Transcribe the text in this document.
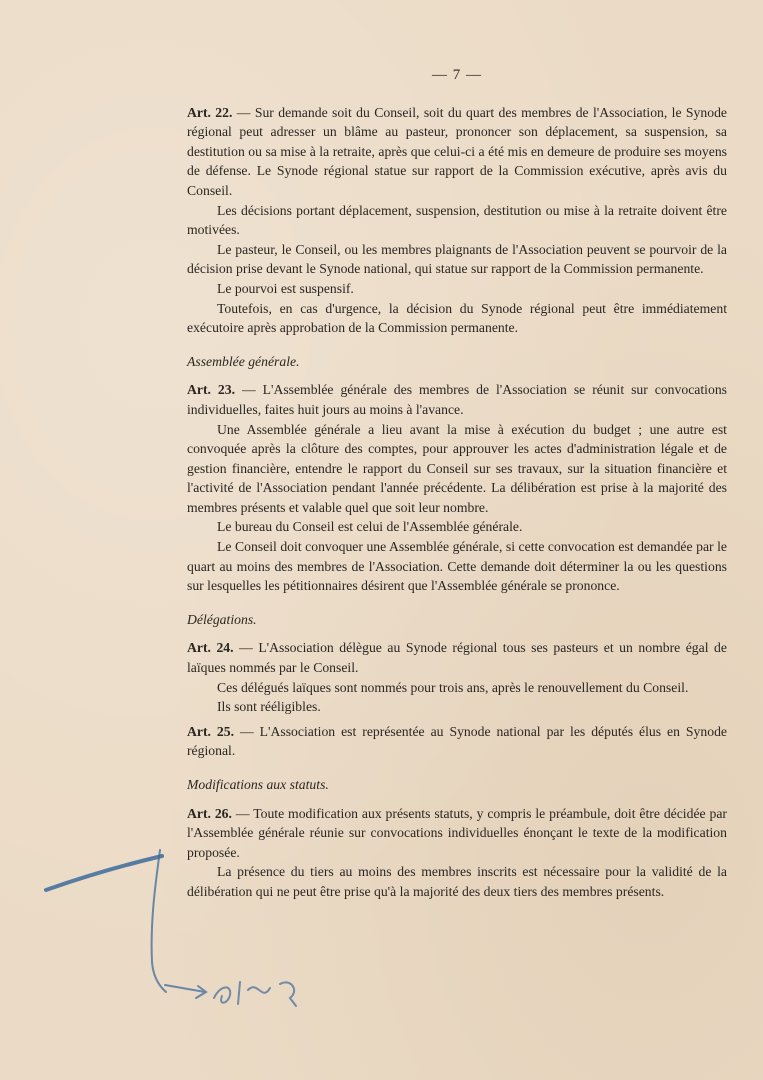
— 7 —

Art. 22. — Sur demande soit du Conseil, soit du quart des membres de l'Association, le Synode régional peut adresser un blâme au pasteur, prononcer son déplacement, sa suspension, sa destitution ou sa mise à la retraite, après que celui-ci a été mis en demeure de produire ses moyens de défense. Le Synode régional statue sur rapport de la Commission exécutive, après avis du Conseil.

Les décisions portant déplacement, suspension, destitution ou mise à la retraite doivent être motivées.

Le pasteur, le Conseil, ou les membres plaignants de l'Association peuvent se pourvoir de la décision prise devant le Synode national, qui statue sur rapport de la Commission permanente.

Le pourvoi est suspensif.

Toutefois, en cas d'urgence, la décision du Synode régional peut être immédiatement exécutoire après approbation de la Commission permanente.

Assemblée générale.

Art. 23. — L'Assemblée générale des membres de l'Association se réunit sur convocations individuelles, faites huit jours au moins à l'avance.

Une Assemblée générale a lieu avant la mise à exécution du budget ; une autre est convoquée après la clôture des comptes, pour approuver les actes d'administration légale et de gestion financière, entendre le rapport du Conseil sur ses travaux, sur la situation financière et l'activité de l'Association pendant l'année précédente. La délibération est prise à la majorité des membres présents et valable quel que soit leur nombre.

Le bureau du Conseil est celui de l'Assemblée générale.

Le Conseil doit convoquer une Assemblée générale, si cette convocation est demandée par le quart au moins des membres de l'Association. Cette demande doit déterminer la ou les questions sur lesquelles les pétitionnaires désirent que l'Assemblée générale se prononce.

Délégations.

Art. 24. — L'Association délègue au Synode régional tous ses pasteurs et un nombre égal de laïques nommés par le Conseil.

Ces délégués laïques sont nommés pour trois ans, après le renouvellement du Conseil.

Ils sont rééligibles.

Art. 25. — L'Association est représentée au Synode national par les députés élus en Synode régional.

Modifications aux statuts.

Art. 26. — Toute modification aux présents statuts, y compris le préambule, doit être décidée par l'Assemblée générale réunie sur convocations individuelles énonçant le texte de la modification proposée.

La présence du tiers au moins des membres inscrits est nécessaire pour la validité de la délibération qui ne peut être prise qu'à la majorité des deux tiers des membres présents.
